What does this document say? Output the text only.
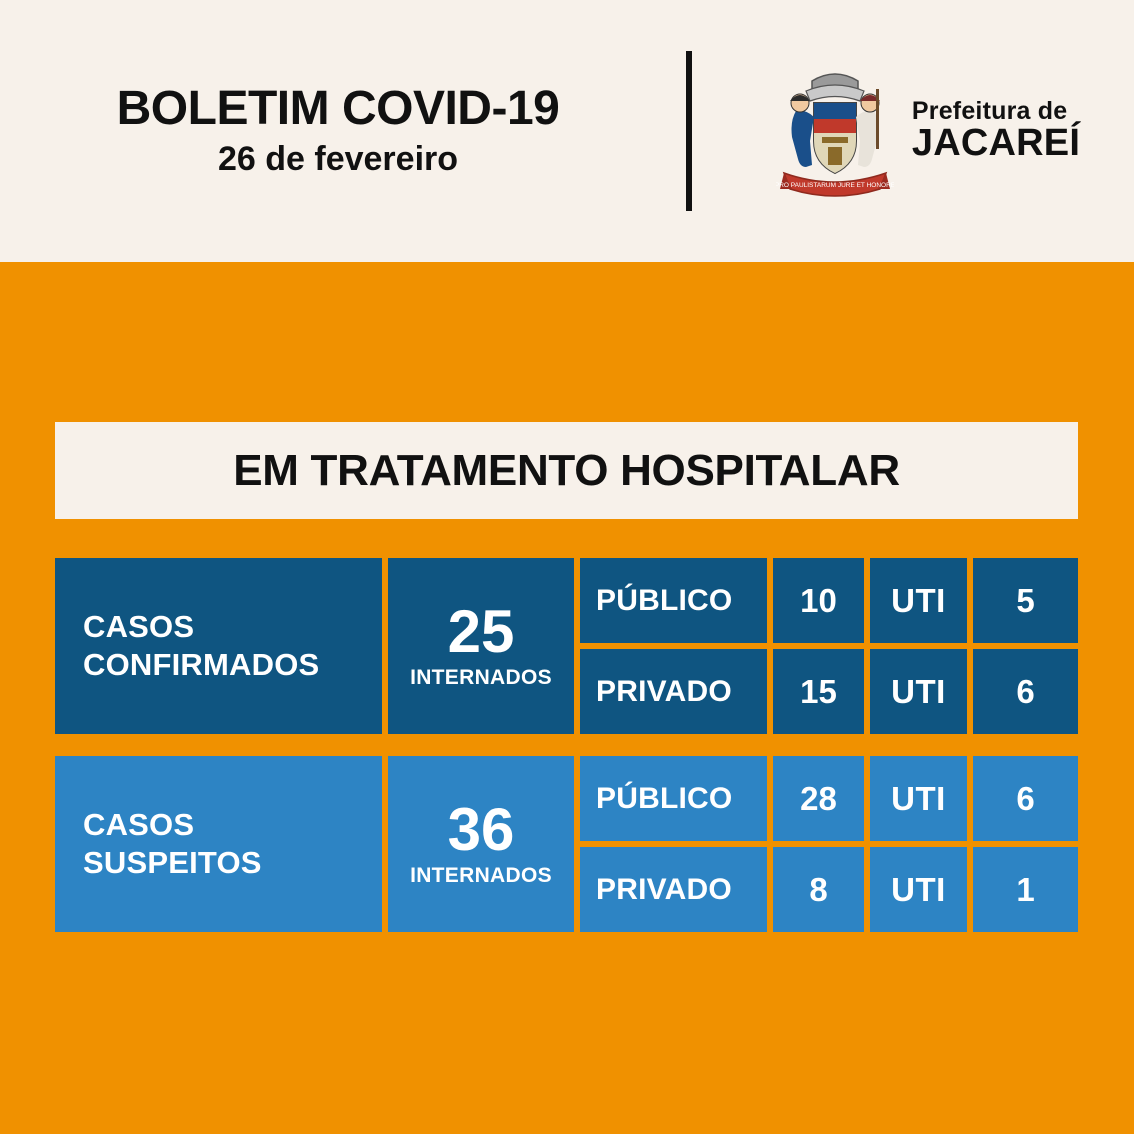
BOLETIM COVID-19
26 de fevereiro
PRO PAULISTARUM JURE ET HONORE
Prefeitura de
JACAREÍ
EM TRATAMENTO HOSPITALAR
CASOS
CONFIRMADOS	25
INTERNADOS
PÚBLICO	10	UTI	5
PRIVADO	15	UTI	6
CASOS
SUSPEITOS	36
INTERNADOS
PÚBLICO	28	UTI	6
PRIVADO	8	UTI	1
